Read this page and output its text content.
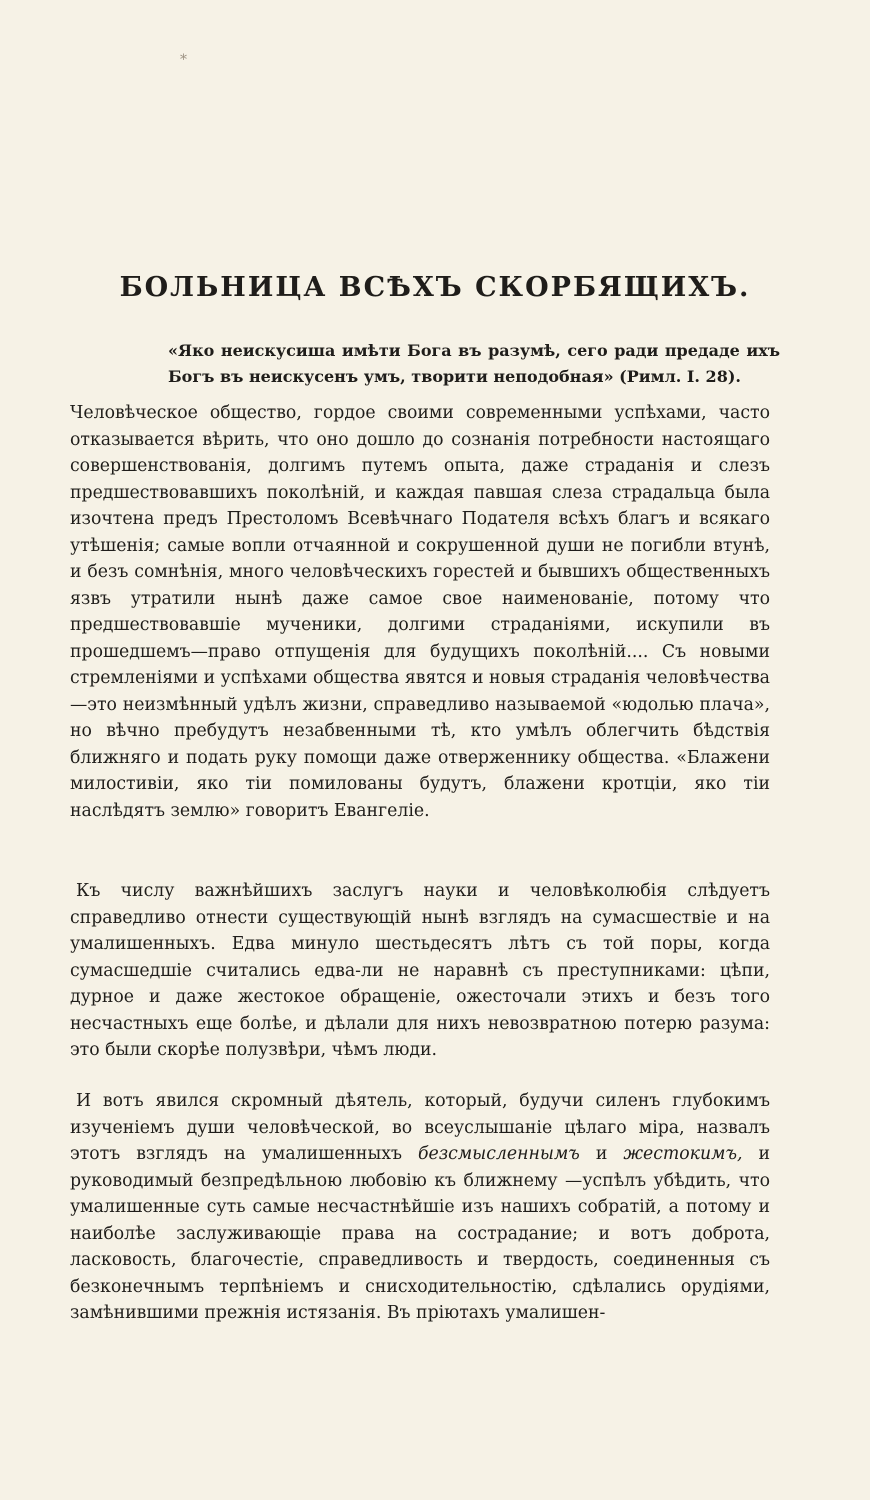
*
БОЛЬНИЦА ВСѢХЪ СКОРБЯЩИХЪ.
«Яко неискусиша имѣти Бога въ разумѣ, сего ради предаде ихъ Богъ въ неискусенъ умъ, творити неподобная» (Римл. I. 28).

Человѣческое общество, гордое своими современными успѣхами, часто отказывается вѣрить, что оно дошло до сознанія потребности настоящаго совершенствованія, долгимъ путемъ опыта, даже страданія и слезъ предшествовавшихъ поколѣній, и каждая павшая слеза страдальца была изочтена предъ Престоломъ Всевѣчнаго Подателя всѣхъ благъ и всякаго утѣшенія; самые вопли отчаянной и сокрушенной души не погибли втунѣ, и безъ сомнѣнія, много человѣческихъ горестей и бывшихъ общественныхъ язвъ утратили нынѣ даже самое свое наименованіе, потому что предшествовавшіе мученики, долгими страданіями, искупили въ прошедшемъ—право отпущенія для будущихъ поколѣній.... Съ новыми стремленіями и успѣхами общества явятся и новыя страданія человѣчества—это неизмѣнный удѣлъ жизни, справедливо называемой «юдолью плача», но вѣчно пребудутъ незабвенными тѣ, кто умѣлъ облегчить бѣдствія ближняго и подать руку помощи даже отверженнику общества. «Блажени милостивіи, яко тіи помилованы будутъ, блажени кротціи, яко тіи наслѣдятъ землю» говоритъ Евангеліе.

Къ числу важнѣйшихъ заслугъ науки и человѣколюбія слѣдуетъ справедливо отнести существующій нынѣ взглядъ на сумасшествіе и на умалишенныхъ. Едва минуло шестьдесятъ лѣтъ съ той поры, когда сумасшедшіе считались едва-ли не наравнѣ съ преступниками: цѣпи, дурное и даже жестокое обращеніе, ожесточали этихъ и безъ того несчастныхъ еще болѣе, и дѣлали для нихъ невозвратною потерю разума: это были скорѣе полузвѣри, чѣмъ люди.

И вотъ явился скромный дѣятель, который, будучи силенъ глубокимъ изученіемъ души человѣческой, во всеуслышаніе цѣлаго міра, назвалъ этотъ взглядъ на умалишенныхъ безсмысленнымъ и жестокимъ, и руководимый безпредѣльною любовію къ ближнему —успѣлъ убѣдить, что умалишенные суть самые несчастнѣйшіе изъ нашихъ собратій, а потому и наиболѣе заслуживающіе права на сострадание; и вотъ доброта, ласковость, благочестіе, справедливость и твердость, соединенныя съ безконечнымъ терпѣніемъ и снисходительностію, сдѣлались орудіями, замѣнившими прежнія истязанія. Въ пріютахъ умалишен-
